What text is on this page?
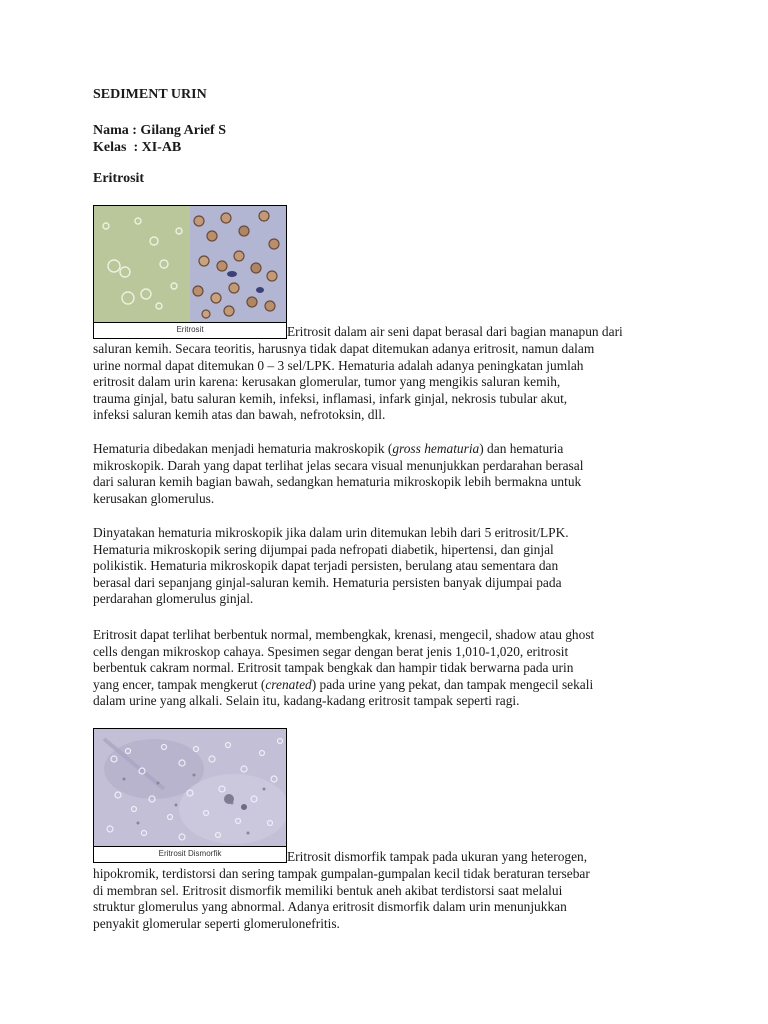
SEDIMENT URIN
Nama : Gilang Arief S
Kelas  : XI-AB
Eritrosit
Eritrosit	Eritrosit dalam air seni dapat berasal dari bagian manapun dari
saluran kemih. Secara teoritis, harusnya tidak dapat ditemukan adanya eritrosit, namun dalam
urine normal dapat ditemukan 0 – 3 sel/LPK. Hematuria adalah adanya peningkatan jumlah
eritrosit dalam urin karena: kerusakan glomerular, tumor yang mengikis saluran kemih,
trauma ginjal, batu saluran kemih, infeksi, inflamasi, infark ginjal, nekrosis tubular akut,
infeksi saluran kemih atas dan bawah, nefrotoksin, dll.
Hematuria dibedakan menjadi hematuria makroskopik (gross hematuria) dan hematuria
mikroskopik. Darah yang dapat terlihat jelas secara visual menunjukkan perdarahan berasal
dari saluran kemih bagian bawah, sedangkan hematuria mikroskopik lebih bermakna untuk
kerusakan glomerulus.
Dinyatakan hematuria mikroskopik jika dalam urin ditemukan lebih dari 5 eritrosit/LPK.
Hematuria mikroskopik sering dijumpai pada nefropati diabetik, hipertensi, dan ginjal
polikistik. Hematuria mikroskopik dapat terjadi persisten, berulang atau sementara dan
berasal dari sepanjang ginjal-saluran kemih. Hematuria persisten banyak dijumpai pada
perdarahan glomerulus ginjal.
Eritrosit dapat terlihat berbentuk normal, membengkak, krenasi, mengecil, shadow atau ghost
cells dengan mikroskop cahaya. Spesimen segar dengan berat jenis 1,010-1,020, eritrosit
berbentuk cakram normal. Eritrosit tampak bengkak dan hampir tidak berwarna pada urin
yang encer, tampak mengkerut (crenated) pada urine yang pekat, dan tampak mengecil sekali
dalam urine yang alkali. Selain itu, kadang-kadang eritrosit tampak seperti ragi.
Eritrosit Dismorfik	Eritrosit dismorfik tampak pada ukuran yang heterogen,
hipokromik, terdistorsi dan sering tampak gumpalan-gumpalan kecil tidak beraturan tersebar
di membran sel. Eritrosit dismorfik memiliki bentuk aneh akibat terdistorsi saat melalui
struktur glomerulus yang abnormal. Adanya eritrosit dismorfik dalam urin menunjukkan
penyakit glomerular seperti glomerulonefritis.
